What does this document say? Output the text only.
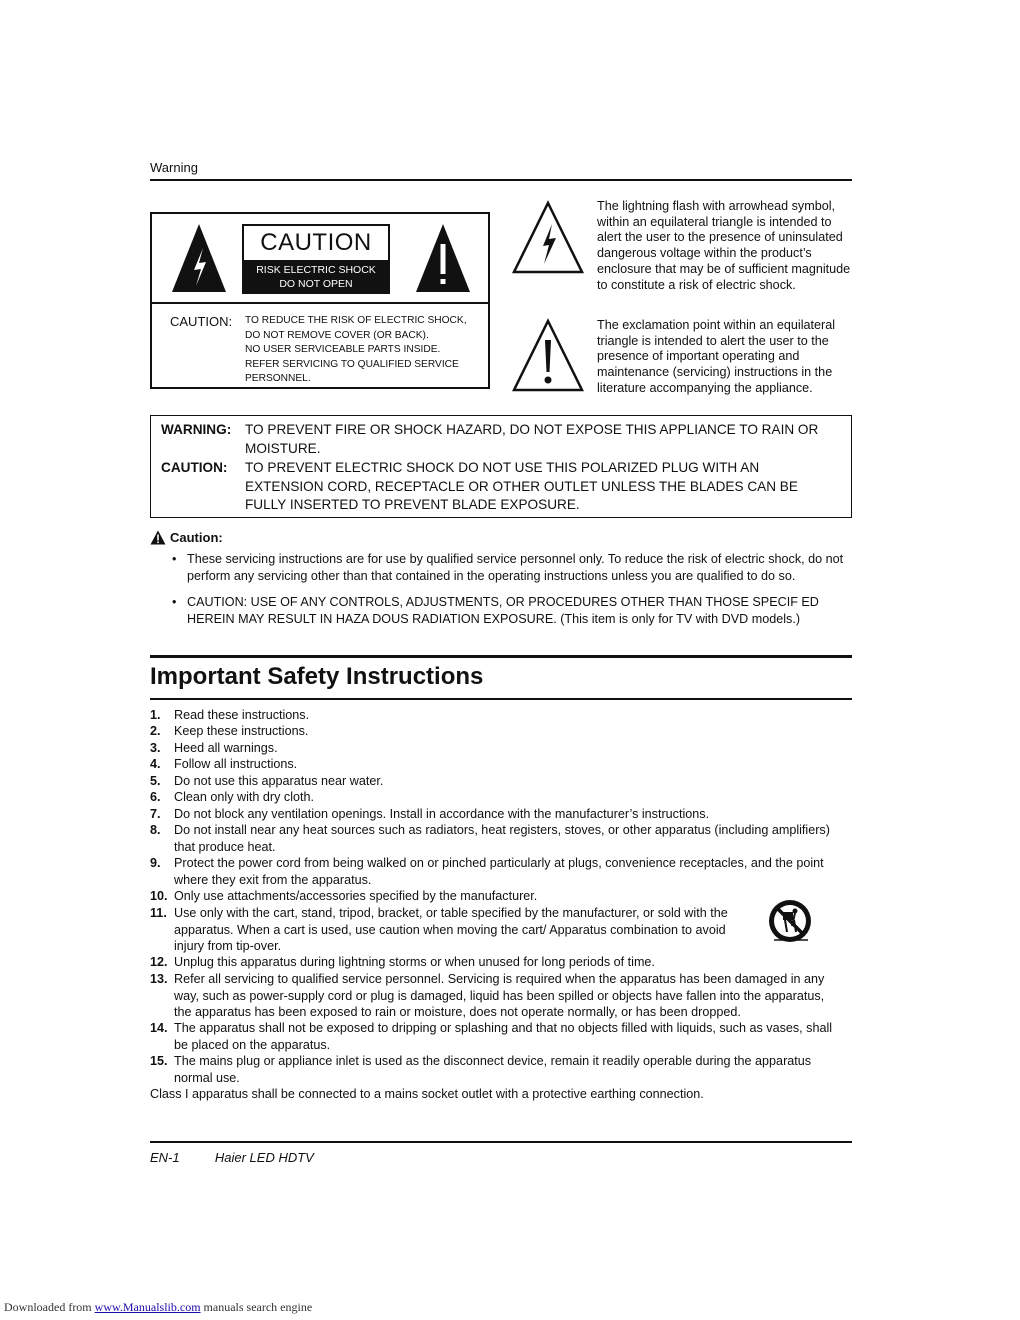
Warning
CAUTION
RISK ELECTRIC SHOCK
DO NOT OPEN
CAUTION: TO REDUCE THE RISK OF ELECTRIC SHOCK,
DO NOT REMOVE COVER (OR BACK).
NO USER SERVICEABLE PARTS INSIDE.
REFER SERVICING TO QUALIFIED SERVICE
PERSONNEL.
The lightning flash with arrowhead symbol, within an equilateral triangle is intended to alert the user to the presence of uninsulated dangerous voltage within the product’s enclosure that may be of sufficient magnitude to constitute a risk of electric shock.
The exclamation point within an equilateral triangle is intended to alert the user to the presence of important operating and maintenance (servicing) instructions in the literature accompanying the appliance.
WARNING: TO PREVENT FIRE OR SHOCK HAZARD, DO NOT EXPOSE THIS APPLIANCE TO RAIN OR MOISTURE.
CAUTION: TO PREVENT ELECTRIC SHOCK DO NOT USE THIS POLARIZED PLUG WITH AN EXTENSION CORD, RECEPTACLE OR OTHER OUTLET UNLESS THE BLADES CAN BE FULLY INSERTED TO PREVENT BLADE EXPOSURE.
Caution:
• These servicing instructions are for use by qualified service personnel only. To reduce the risk of electric shock, do not perform any servicing other than that contained in the operating instructions unless you are qualified to do so.
• CAUTION: USE OF ANY CONTROLS, ADJUSTMENTS, OR PROCEDURES OTHER THAN THOSE SPECIF ED HEREIN MAY RESULT IN HAZA DOUS RADIATION EXPOSURE. (This item is only for TV with DVD models.)
Important Safety Instructions
1.	Read these instructions.
2.	Keep these instructions.
3.	Heed all warnings.
4.	Follow all instructions.
5.	Do not use this apparatus near water.
6.	Clean only with dry cloth.
7.	Do not block any ventilation openings. Install in accordance with the manufacturer’s instructions.
8.	Do not install near any heat sources such as radiators, heat registers, stoves, or other apparatus (including amplifiers) that produce heat.
9.	Protect the power cord from being walked on or pinched particularly at plugs, convenience receptacles, and the point where they exit from the apparatus.
10. Only use attachments/accessories specified by the manufacturer.
11. Use only with the cart, stand, tripod, bracket, or table specified by the manufacturer, or sold with the apparatus. When a cart is used, use caution when moving the cart/ Apparatus combination to avoid injury from tip-over.
12. Unplug this apparatus during lightning storms or when unused for long periods of time.
13. Refer all servicing to qualified service personnel. Servicing is required when the apparatus has been damaged in any way, such as power-supply cord or plug is damaged, liquid has been spilled or objects have fallen into the apparatus, the apparatus has been exposed to rain or moisture, does not operate normally, or has been dropped.
14. The apparatus shall not be exposed to dripping or splashing and that no objects filled with liquids, such as vases, shall be placed on the apparatus.
15. The mains plug or appliance inlet is used as the disconnect device, remain it readily operable during the apparatus normal use.
Class I apparatus shall be connected to a mains socket outlet with a protective earthing connection.
EN-1	Haier LED HDTV
Downloaded from www.Manualslib.com manuals search engine
